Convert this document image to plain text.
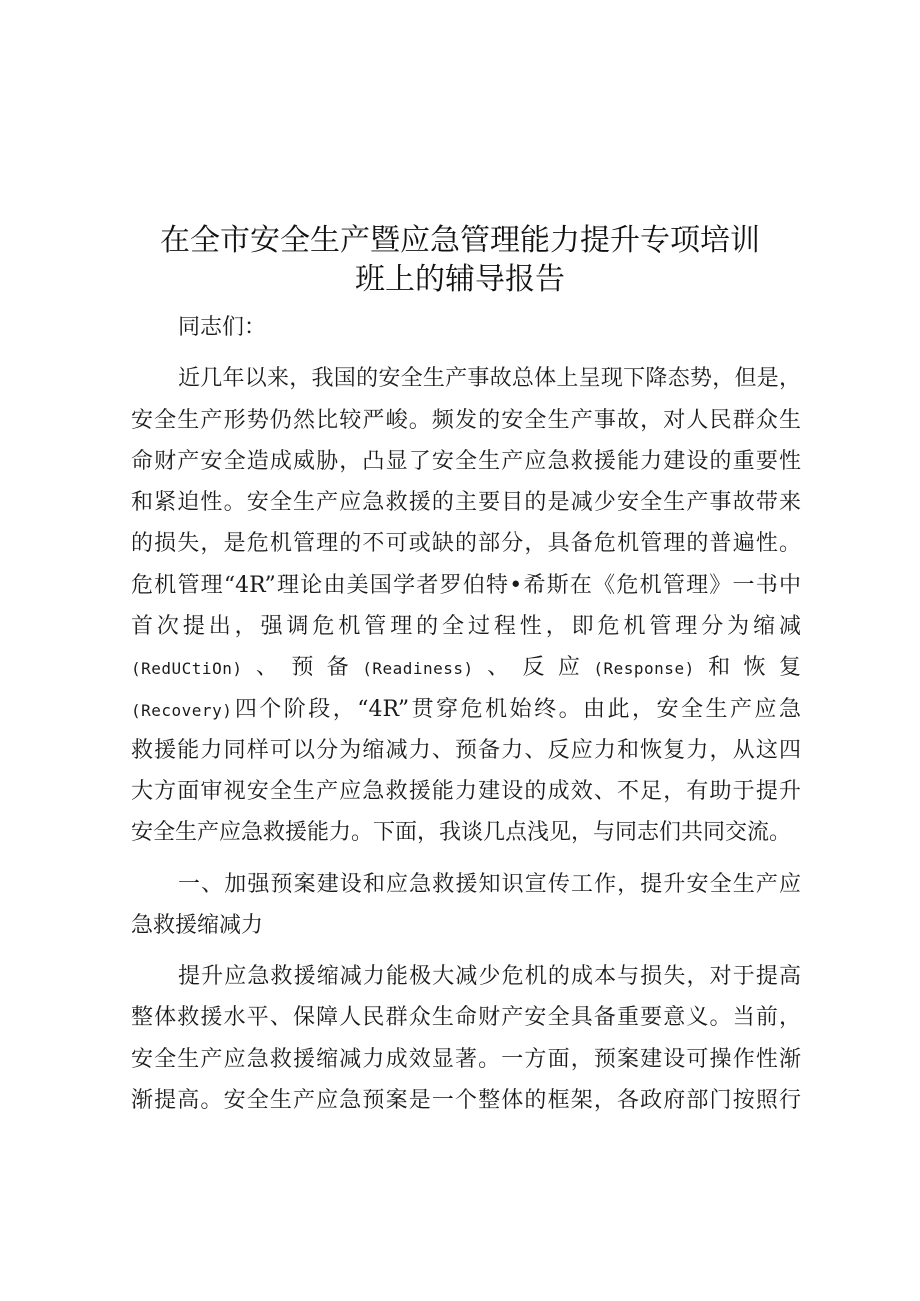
在全市安全生产暨应急管理能力提升专项培训
班上的辅导报告
同志们：
近几年以来，我国的安全生产事故总体上呈现下降态势，但是，
安全生产形势仍然比较严峻。频发的安全生产事故，对人民群众生
命财产安全造成威胁，凸显了安全生产应急救援能力建设的重要性
和紧迫性。安全生产应急救援的主要目的是减少安全生产事故带来
的损失，是危机管理的不可或缺的部分，具备危机管理的普遍性。
危机管理“4R”理论由美国学者罗伯特•希斯在《危机管理》一书中
首次提出，强调危机管理的全过程性，即危机管理分为缩减
(RedUCtiOn)、预备(Readiness)、反应(Response)和恢复
(Recovery)四个阶段，“4R”贯穿危机始终。由此，安全生产应急
救援能力同样可以分为缩减力、预备力、反应力和恢复力，从这四
大方面审视安全生产应急救援能力建设的成效、不足，有助于提升
安全生产应急救援能力。下面，我谈几点浅见，与同志们共同交流。
一、加强预案建设和应急救援知识宣传工作，提升安全生产应
急救援缩减力
提升应急救援缩减力能极大减少危机的成本与损失，对于提高
整体救援水平、保障人民群众生命财产安全具备重要意义。当前，
安全生产应急救援缩减力成效显著。一方面，预案建设可操作性渐
渐提高。安全生产应急预案是一个整体的框架，各政府部门按照行
